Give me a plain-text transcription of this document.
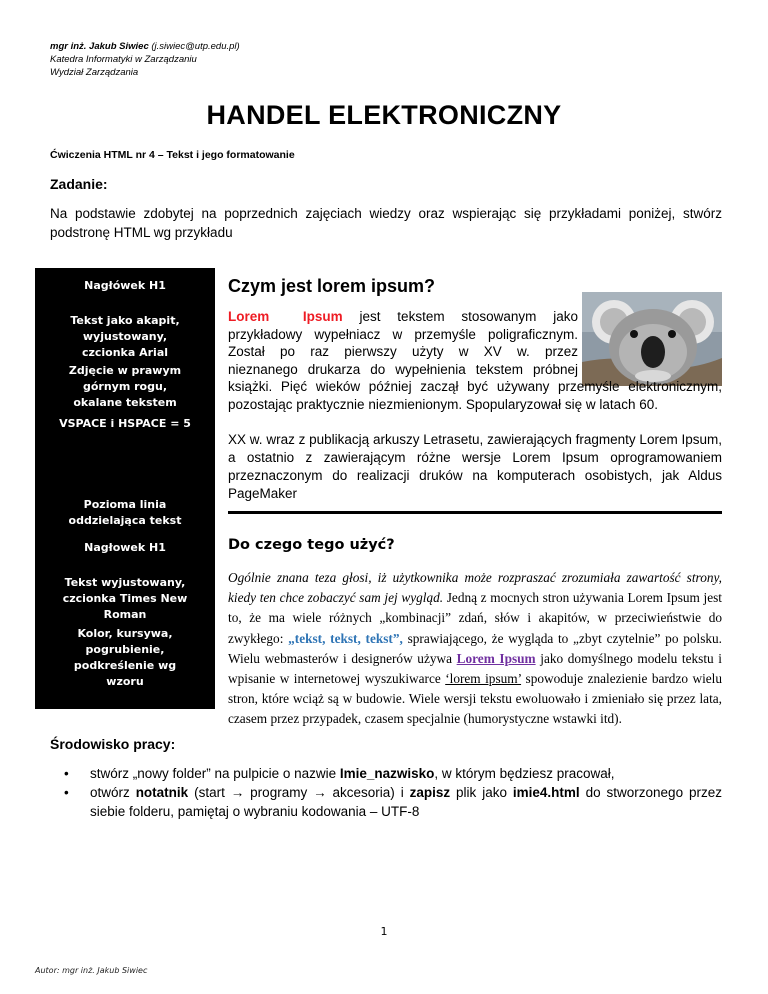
mgr inż. Jakub Siwiec (j.siwiec@utp.edu.pl)
Katedra Informatyki w Zarządzaniu
Wydział Zarządzania
HANDEL ELEKTRONICZNY
Ćwiczenia HTML nr 4 – Tekst i jego formatowanie
Zadanie:
Na podstawie zdobytej na poprzednich zajęciach wiedzy oraz wspierając się przykładami poniżej, stwórz podstronę HTML wg przykładu
Nagłówek H1
Tekst jako akapit, wyjustowany, czcionka Arial
Zdjęcie w prawym górnym rogu, okalane tekstem
VSPACE i HSPACE = 5
Pozioma linia oddzielająca tekst
Nagłowek H1
Tekst wyjustowany, czcionka Times New Roman
Kolor, kursywa, pogrubienie, podkreślenie wg wzoru
Czym jest lorem ipsum?
Lorem Ipsum jest tekstem stosowanym jako
przykładowy wypełniacz w przemyśle poligraficznym.
Został po raz pierwszy użyty w XV w. przez
nieznanego drukarza do wypełnienia tekstem próbnej
książki. Pięć wieków później zaczął być używany przemyśle elektronicznym,
pozostając praktycznie niezmienionym. Spopularyzował się w latach 60.
XX w. wraz z publikacją arkuszy Letrasetu, zawierających fragmenty Lorem Ipsum, a ostatnio z zawierającym różne wersje Lorem Ipsum oprogramowaniem przeznaczonym do realizacji druków na komputerach osobistych, jak Aldus PageMaker
Do czego tego użyć?
Ogólnie znana teza głosi, iż użytkownika może rozpraszać zrozumiała zawartość strony, kiedy ten chce zobaczyć sam jej wygląd. Jedną z mocnych stron używania Lorem Ipsum jest to, że ma wiele różnych „kombinacji” zdań, słów i akapitów, w przeciwieństwie do zwykłego: „tekst, tekst, tekst”, sprawiającego, że wygląda to „zbyt czytelnie” po polsku. Wielu webmasterów i designerów używa Lorem Ipsum jako domyślnego modelu tekstu i wpisanie w internetowej wyszukiwarce ‘lorem ipsum’ spowoduje znalezienie bardzo wielu stron, które wciąż są w budowie. Wiele wersji tekstu ewoluowało i zmieniało się przez lata, czasem przez przypadek, czasem specjalnie (humorystyczne wstawki itd).
Środowisko pracy:
• stwórz „nowy folder” na pulpicie o nazwie Imie_nazwisko, w którym będziesz pracował,
• otwórz notatnik (start → programy → akcesoria) i zapisz plik jako imie4.html do stworzonego przez siebie folderu, pamiętaj o wybraniu kodowania – UTF-8
1
Autor: mgr inż. Jakub Siwiec
